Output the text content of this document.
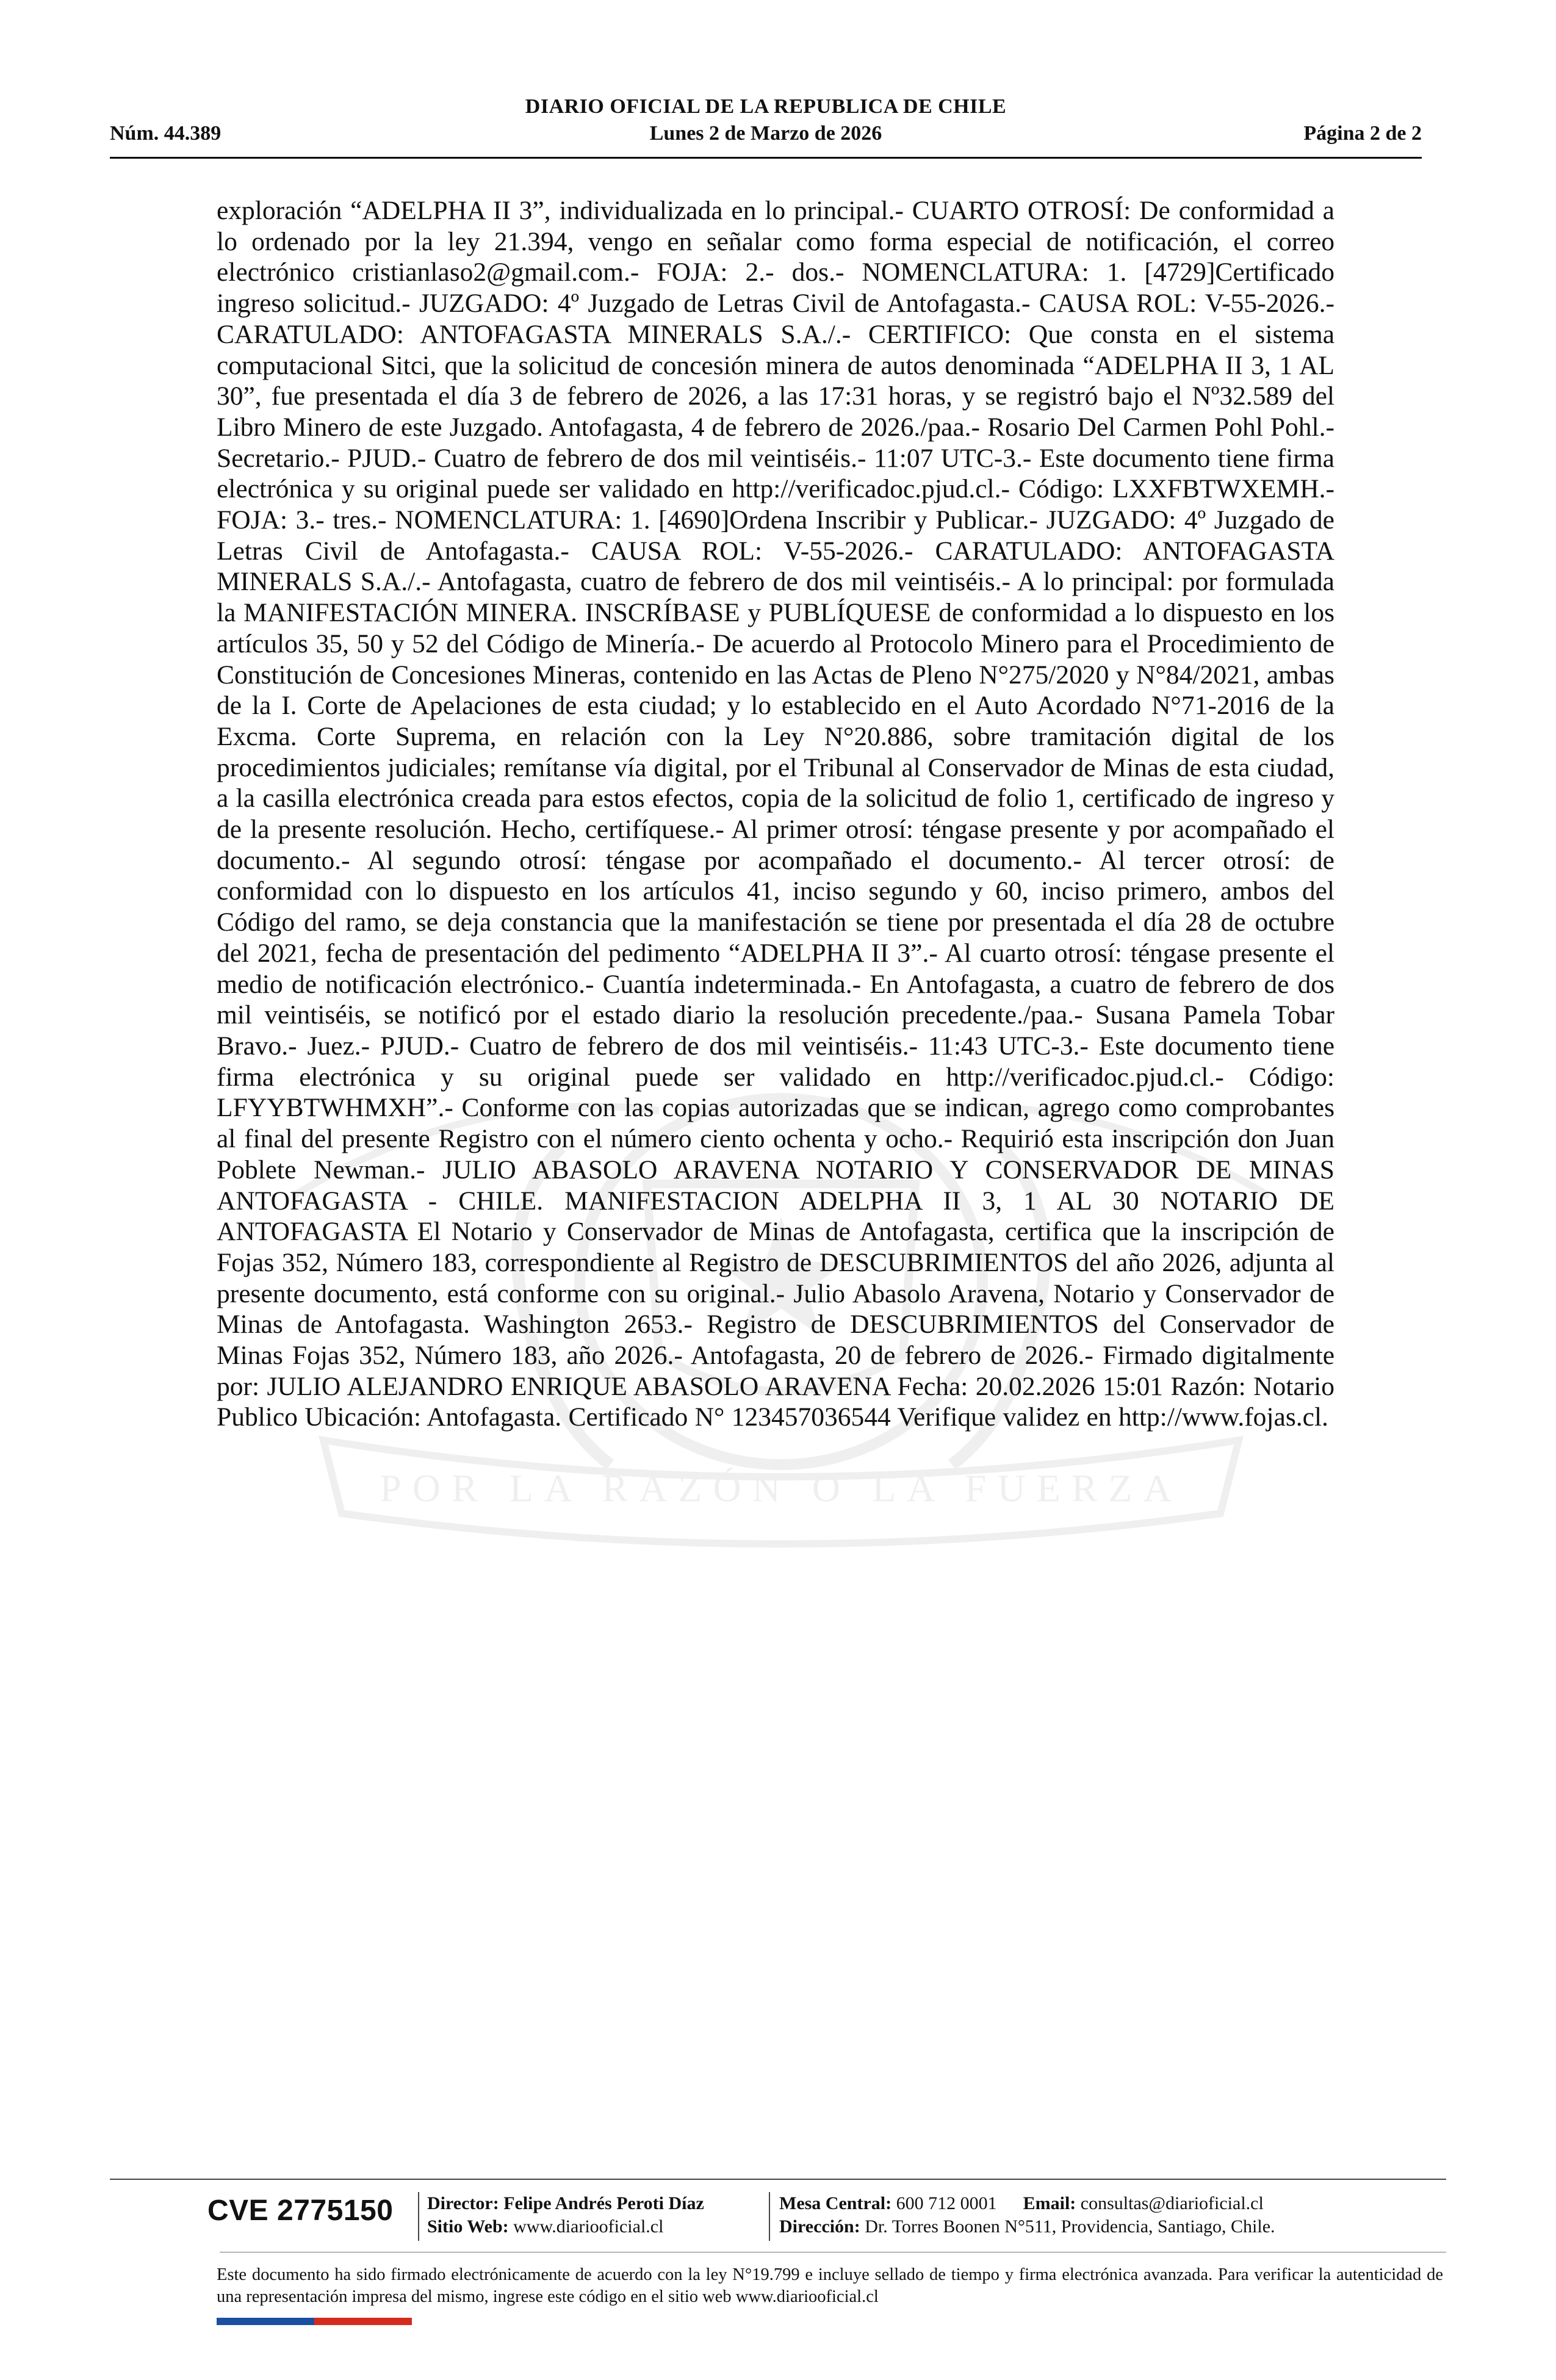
DIARIO OFICIAL DE LA REPUBLICA DE CHILE
Núm. 44.389	Lunes 2 de Marzo de 2026	Página 2 de 2
POR LA RAZÓN O LA FUERZA

exploración “ADELPHA II 3”, individualizada en lo principal.- CUARTO OTROSÍ: De conformidad a lo ordenado por la ley 21.394, vengo en señalar como forma especial de notificación, el correo electrónico cristianlaso2@gmail.com.- FOJA: 2.- dos.- NOMENCLATURA: 1. [4729]Certificado ingreso solicitud.- JUZGADO: 4º Juzgado de Letras Civil de Antofagasta.- CAUSA ROL: V-55-2026.- CARATULADO: ANTOFAGASTA MINERALS S.A./.- CERTIFICO: Que consta en el sistema computacional Sitci, que la solicitud de concesión minera de autos denominada “ADELPHA II 3, 1 AL 30”, fue presentada el día 3 de febrero de 2026, a las 17:31 horas, y se registró bajo el Nº32.589 del Libro Minero de este Juzgado. Antofagasta, 4 de febrero de 2026./paa.- Rosario Del Carmen Pohl Pohl.- Secretario.- PJUD.- Cuatro de febrero de dos mil veintiséis.- 11:07 UTC-3.- Este documento tiene firma electrónica y su original puede ser validado en http://verificadoc.pjud.cl.- Código: LXXFBTWXEMH.- FOJA: 3.- tres.- NOMENCLATURA: 1. [4690]Ordena Inscribir y Publicar.- JUZGADO: 4º Juzgado de Letras Civil de Antofagasta.- CAUSA ROL: V-55-2026.- CARATULADO: ANTOFAGASTA MINERALS S.A./.- Antofagasta, cuatro de febrero de dos mil veintiséis.- A lo principal: por formulada la MANIFESTACIÓN MINERA. INSCRÍBASE y PUBLÍQUESE de conformidad a lo dispuesto en los artículos 35, 50 y 52 del Código de Minería.- De acuerdo al Protocolo Minero para el Procedimiento de Constitución de Concesiones Mineras, contenido en las Actas de Pleno N°275/2020 y N°84/2021, ambas de la I. Corte de Apelaciones de esta ciudad; y lo establecido en el Auto Acordado N°71-2016 de la Excma. Corte Suprema, en relación con la Ley N°20.886, sobre tramitación digital de los procedimientos judiciales; remítanse vía digital, por el Tribunal al Conservador de Minas de esta ciudad, a la casilla electrónica creada para estos efectos, copia de la solicitud de folio 1, certificado de ingreso y de la presente resolución. Hecho, certifíquese.- Al primer otrosí: téngase presente y por acompañado el documento.- Al segundo otrosí: téngase por acompañado el documento.- Al tercer otrosí: de conformidad con lo dispuesto en los artículos 41, inciso segundo y 60, inciso primero, ambos del Código del ramo, se deja constancia que la manifestación se tiene por presentada el día 28 de octubre del 2021, fecha de presentación del pedimento “ADELPHA II 3”.- Al cuarto otrosí: téngase presente el medio de notificación electrónico.- Cuantía indeterminada.- En Antofagasta, a cuatro de febrero de dos mil veintiséis, se notificó por el estado diario la resolución precedente./paa.- Susana Pamela Tobar Bravo.- Juez.- PJUD.- Cuatro de febrero de dos mil veintiséis.- 11:43 UTC-3.- Este documento tiene firma electrónica y su original puede ser validado en http://verificadoc.pjud.cl.- Código: LFYYBTWHMXH”.- Conforme con las copias autorizadas que se indican, agrego como comprobantes al final del presente Registro con el número ciento ochenta y ocho.- Requirió esta inscripción don Juan Poblete Newman.- JULIO ABASOLO ARAVENA NOTARIO Y CONSERVADOR DE MINAS ANTOFAGASTA - CHILE. MANIFESTACION ADELPHA II 3, 1 AL 30 NOTARIO DE ANTOFAGASTA El Notario y Conservador de Minas de Antofagasta, certifica que la inscripción de Fojas 352, Número 183, correspondiente al Registro de DESCUBRIMIENTOS del año 2026, adjunta al presente documento, está conforme con su original.- Julio Abasolo Aravena, Notario y Conservador de Minas de Antofagasta. Washington 2653.- Registro de DESCUBRIMIENTOS del Conservador de Minas Fojas 352, Número 183, año 2026.- Antofagasta, 20 de febrero de 2026.- Firmado digitalmente por: JULIO ALEJANDRO ENRIQUE ABASOLO ARAVENA Fecha: 20.02.2026 15:01 Razón: Notario Publico Ubicación: Antofagasta. Certificado N° 123457036544 Verifique validez en http://www.fojas.cl.

CVE 2775150	Director: Felipe Andrés Peroti Díaz
Sitio Web: www.diariooficial.cl
Mesa Central: 600 712 0001 Email: consultas@diarioficial.cl
Dirección: Dr. Torres Boonen N°511, Providencia, Santiago, Chile.
Este documento ha sido firmado electrónicamente de acuerdo con la ley N°19.799 e incluye sellado de tiempo y firma electrónica avanzada. Para verificar la autenticidad de una representación impresa del mismo, ingrese este código en el sitio web www.diariooficial.cl
